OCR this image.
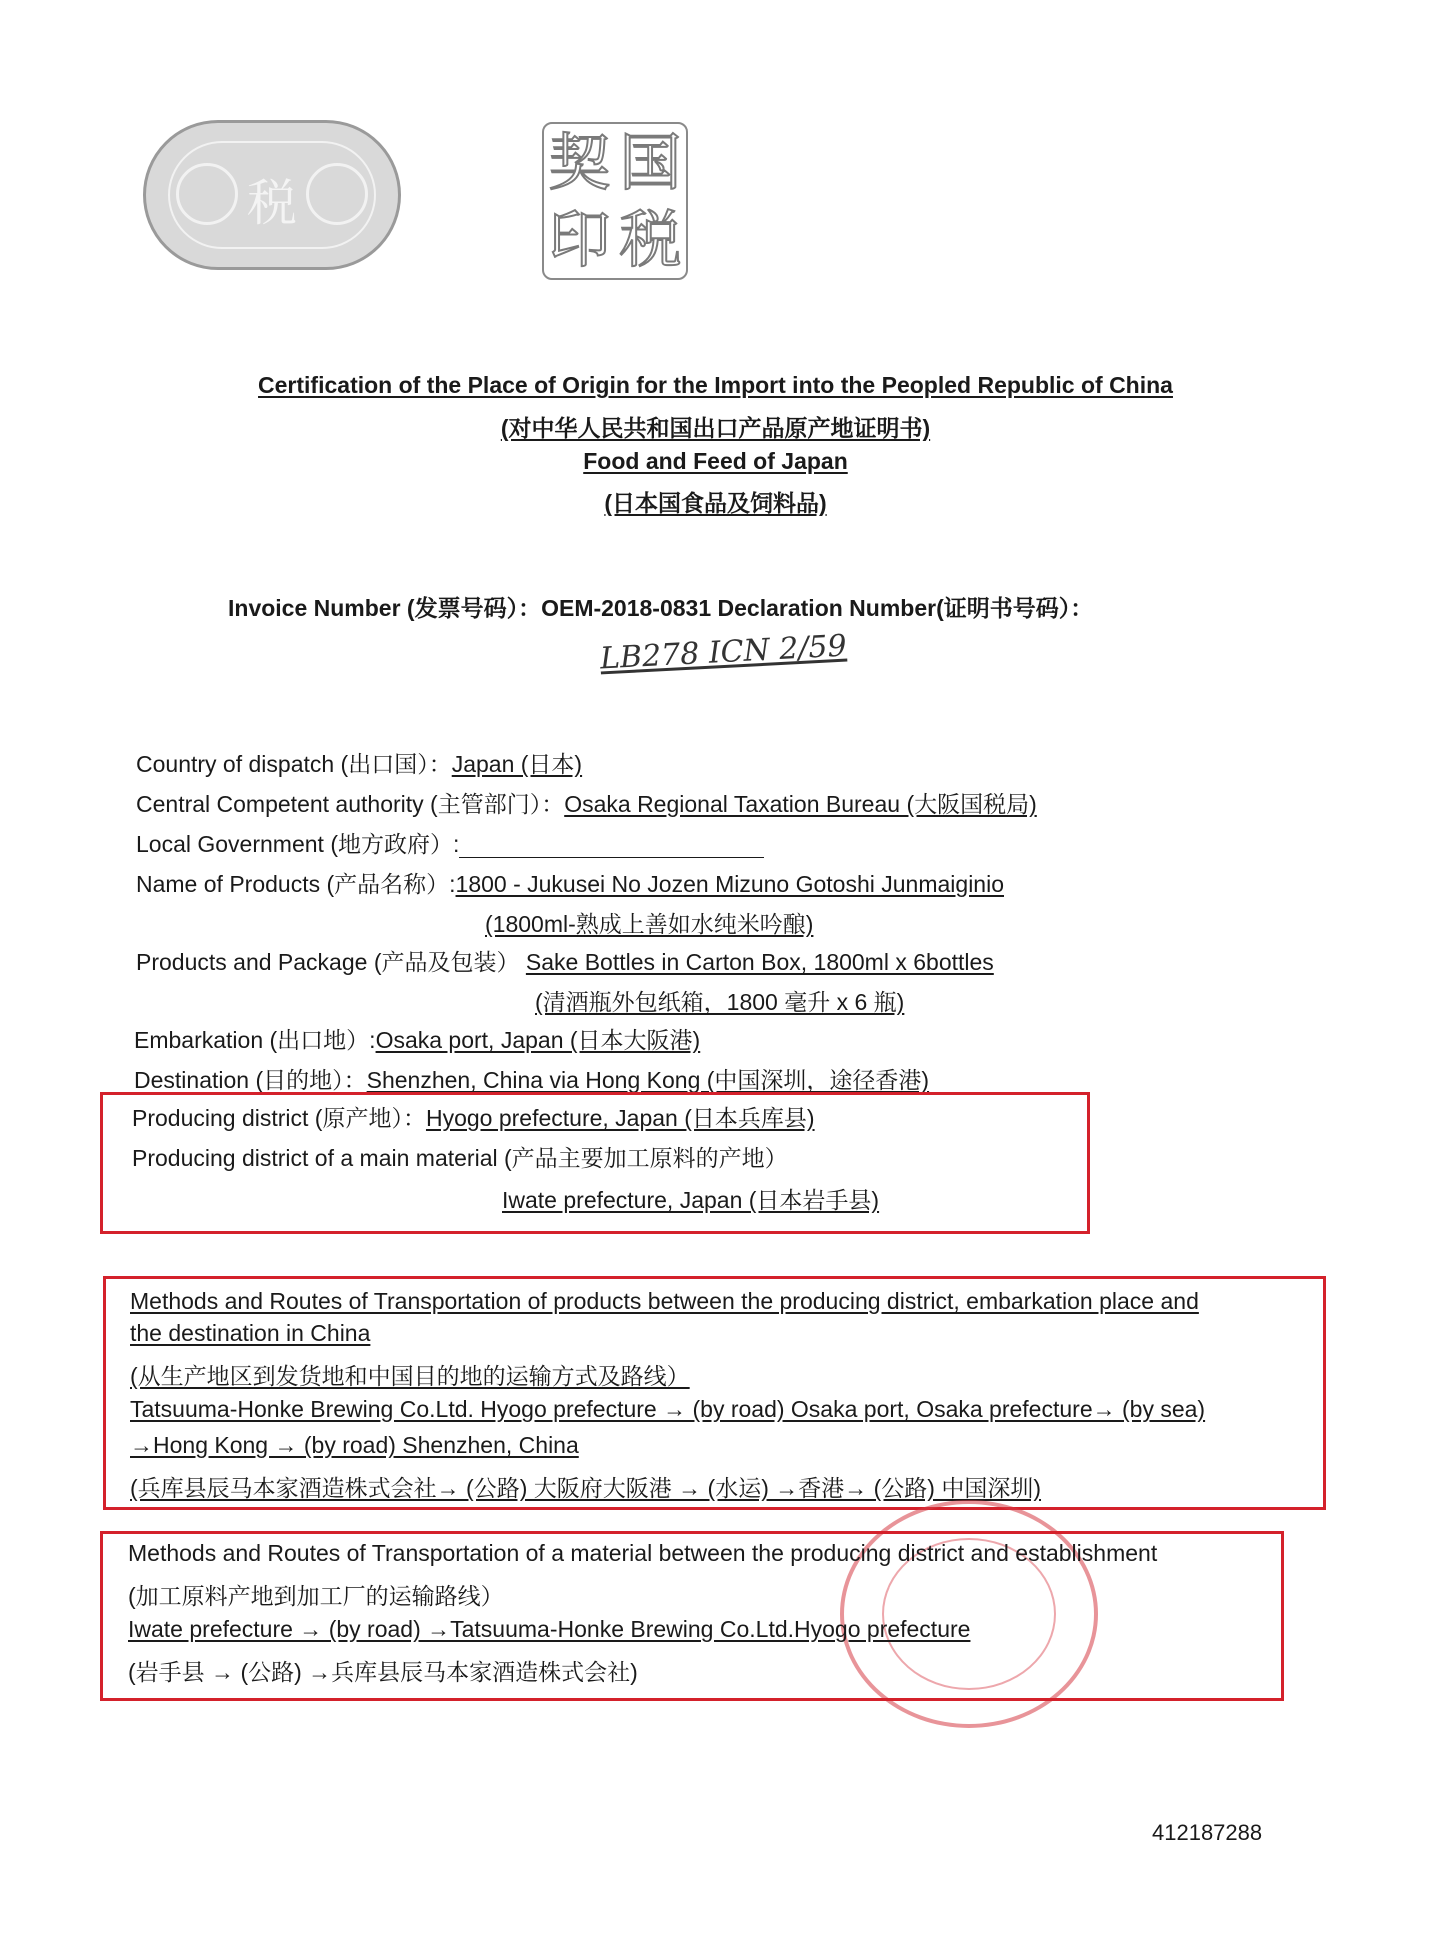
税
契 国
印 税
Certification of the Place of Origin for the Import into the Peopled Republic of China
(对中华人民共和国出口产品原产地证明书)
Food and Feed of Japan
(日本国食品及饲料品)
Invoice Number (发票号码）：OEM-2018-0831 Declaration Number(证明书号码）：
LB278 ICN 2/59
Country of dispatch (出口国）：Japan (日本)
Central Competent authority (主管部门）：Osaka Regional Taxation Bureau (大阪国税局)
Local Government (地方政府）:
Name of Products (产品名称）:1800 - Jukusei No Jozen Mizuno Gotoshi Junmaiginio
(1800ml-熟成上善如水纯米吟酿)
Products and Package (产品及包装） Sake Bottles in Carton Box, 1800ml x 6bottles
(清酒瓶外包纸箱，1800 毫升 x 6 瓶)
Embarkation (出口地）:Osaka port, Japan (日本大阪港)
Destination (目的地）：Shenzhen, China via Hong Kong (中国深圳，途径香港)
Producing district (原产地）：Hyogo prefecture, Japan (日本兵库县)
Producing district of a main material (产品主要加工原料的产地）
Iwate prefecture, Japan (日本岩手县)
Methods and Routes of Transportation of products between the producing district, embarkation place and
the destination in China
(从生产地区到发货地和中国目的地的运输方式及路线）
Tatsuuma-Honke Brewing Co.Ltd. Hyogo prefecture → (by road) Osaka port, Osaka prefecture→ (by sea)
→Hong Kong → (by road) Shenzhen, China
(兵库县辰马本家酒造株式会社→ (公路) 大阪府大阪港 → (水运) →香港→ (公路) 中国深圳)
Methods and Routes of Transportation of a material between the producing district and establishment
(加工原料产地到加工厂的运输路线）
Iwate prefecture → (by road) →Tatsuuma-Honke Brewing Co.Ltd.Hyogo prefecture
(岩手县 → (公路) →兵库县辰马本家酒造株式会社)
412187288
